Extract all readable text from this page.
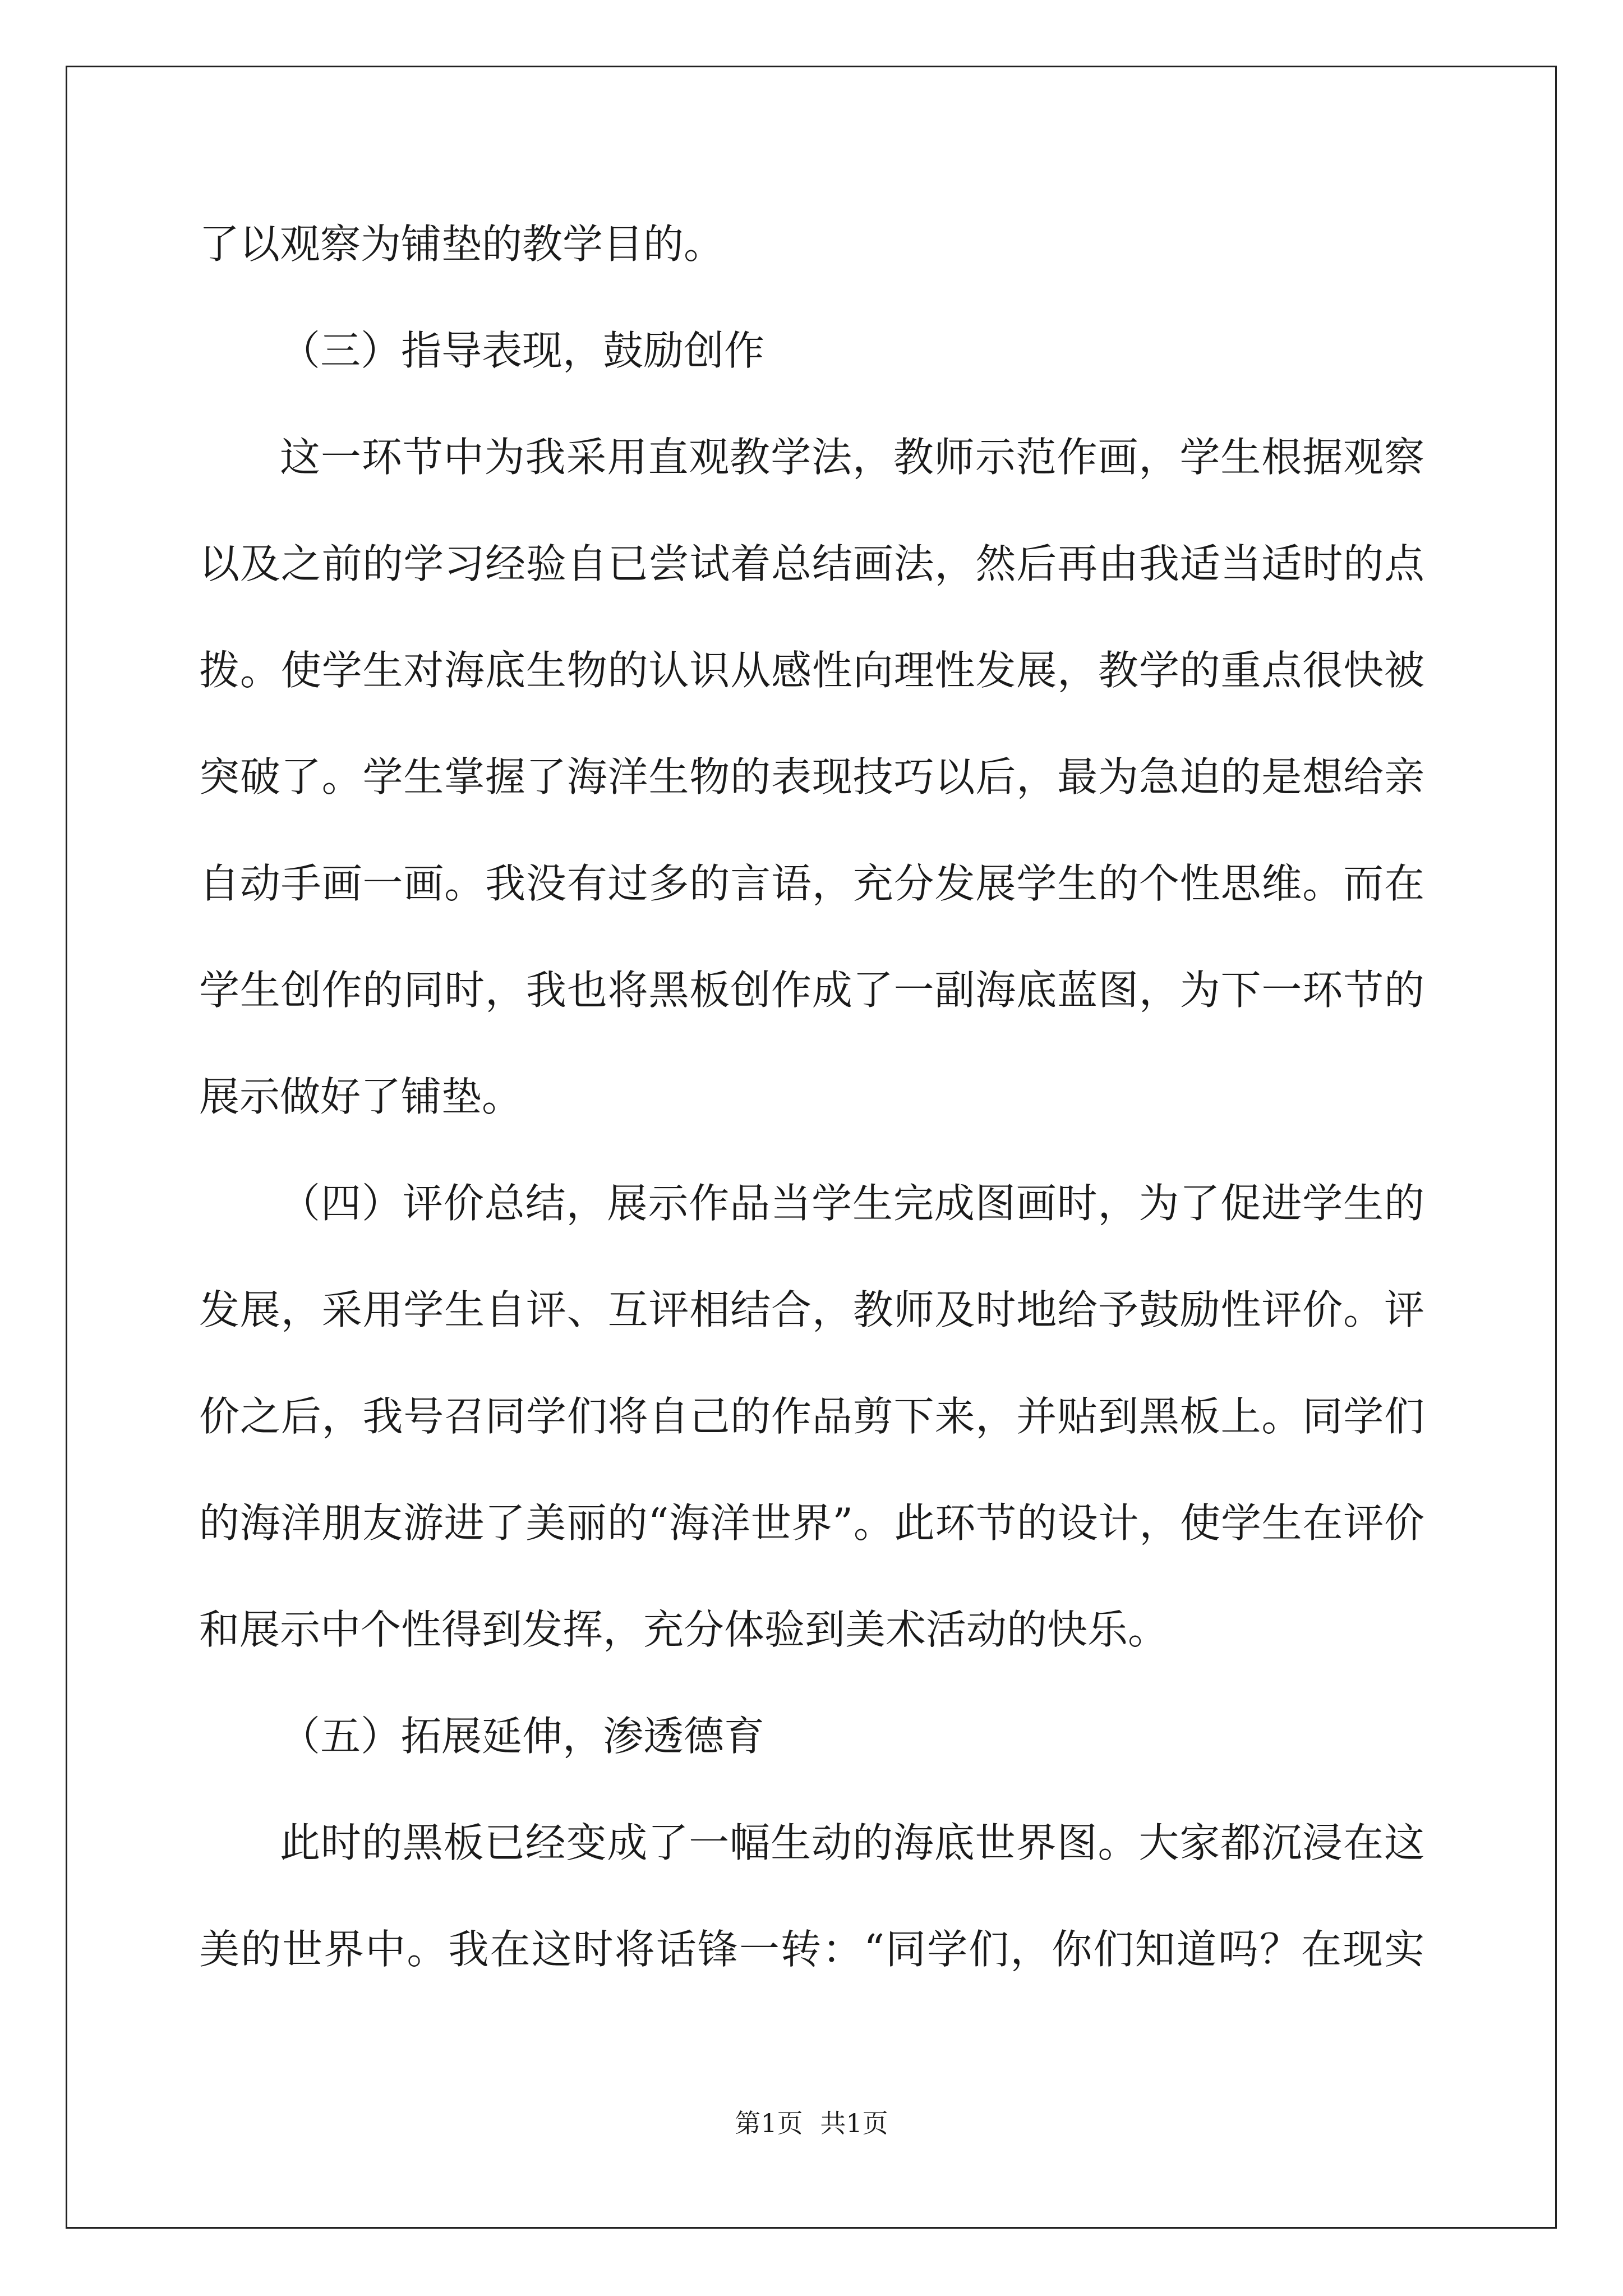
了以观察为铺垫的教学目的。
（三）指导表现，鼓励创作
这一环节中为我采用直观教学法，教师示范作画，学生根据观察
以及之前的学习经验自已尝试着总结画法，然后再由我适当适时的点
拨。使学生对海底生物的认识从感性向理性发展，教学的重点很快被
突破了。学生掌握了海洋生物的表现技巧以后，最为急迫的是想给亲
自动手画一画。我没有过多的言语，充分发展学生的个性思维。而在
学生创作的同时，我也将黑板创作成了一副海底蓝图，为下一环节的
展示做好了铺垫。
（四）评价总结，展示作品当学生完成图画时，为了促进学生的
发展，采用学生自评、互评相结合，教师及时地给予鼓励性评价。评
价之后，我号召同学们将自己的作品剪下来，并贴到黑板上。同学们
的海洋朋友游进了美丽的“海洋世界”。此环节的设计，使学生在评价
和展示中个性得到发挥，充分体验到美术活动的快乐。
（五）拓展延伸，渗透德育
此时的黑板已经变成了一幅生动的海底世界图。大家都沉浸在这
美的世界中。我在这时将话锋一转：“同学们，你们知道吗？在现实
第1页 共1页
